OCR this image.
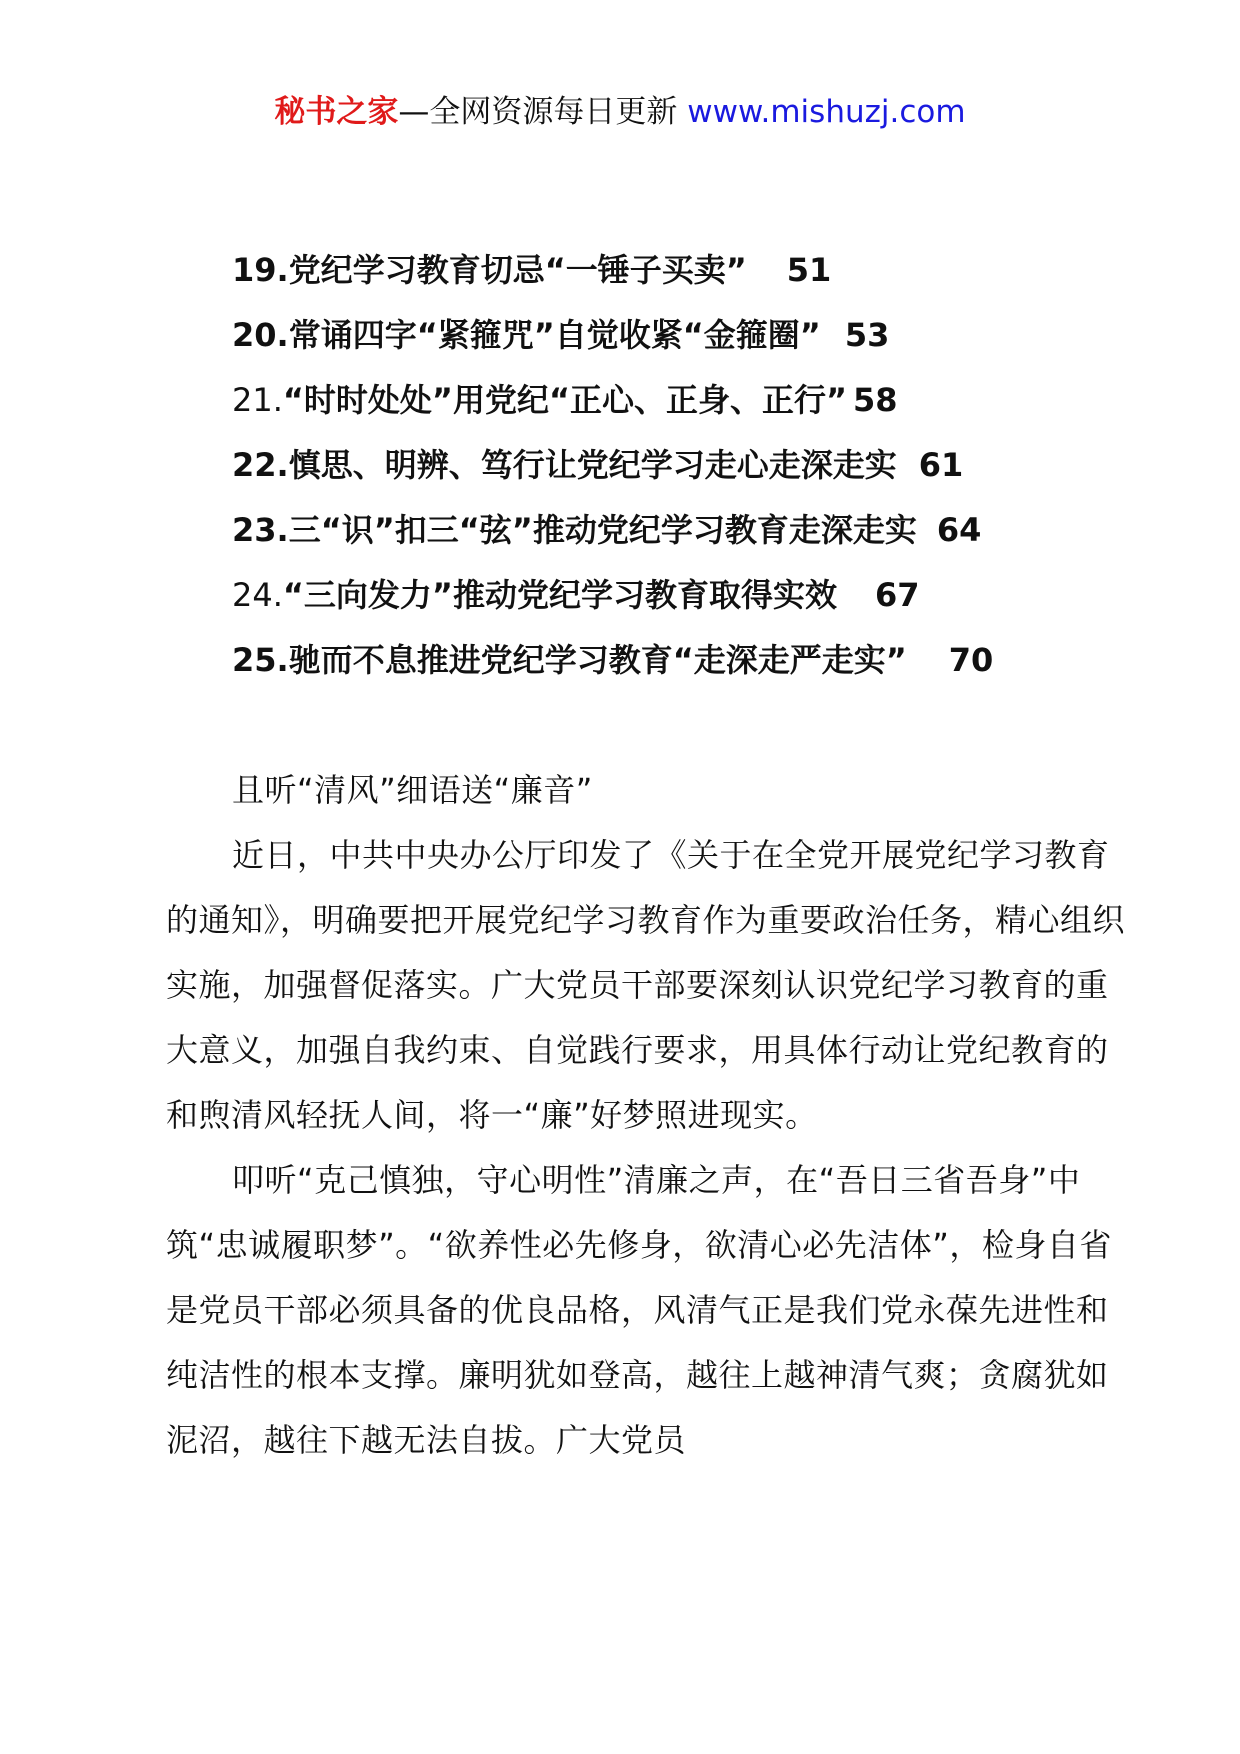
秘书之家—全网资源每日更新 www.mishuzj.com
19. 党纪学习教育切忌“一锤子买卖” 51
20. 常诵四字“紧箍咒”自觉收紧“金箍圈” 53
21. “时时处处”用党纪“正心、正身、正行” 58
22. 慎思、明辨、笃行让党纪学习走心走深走实 61
23. 三“识”扣三“弦”推动党纪学习教育走深走实 64
24. “三向发力”推动党纪学习教育取得实效 67
25. 驰而不息推进党纪学习教育“走深走严走实” 70

且听“清风”细语送“廉音”

近日，中共中央办公厅印发了《关于在全党开展党纪学习教育的通知》，明确要把开展党纪学习教育作为重要政治任务，精心组织实施，加强督促落实。广大党员干部要深刻认识党纪学习教育的重大意义，加强自我约束、自觉践行要求，用具体行动让党纪教育的和煦清风轻抚人间，将一“廉”好梦照进现实。

叩听“克己慎独，守心明性”清廉之声，在“吾日三省吾身”中筑“忠诚履职梦”。“欲养性必先修身，欲清心必先洁体”，检身自省是党员干部必须具备的优良品格，风清气正是我们党永葆先进性和纯洁性的根本支撑。廉明犹如登高，越往上越神清气爽；贪腐犹如泥沼，越往下越无法自拔。广大党员
